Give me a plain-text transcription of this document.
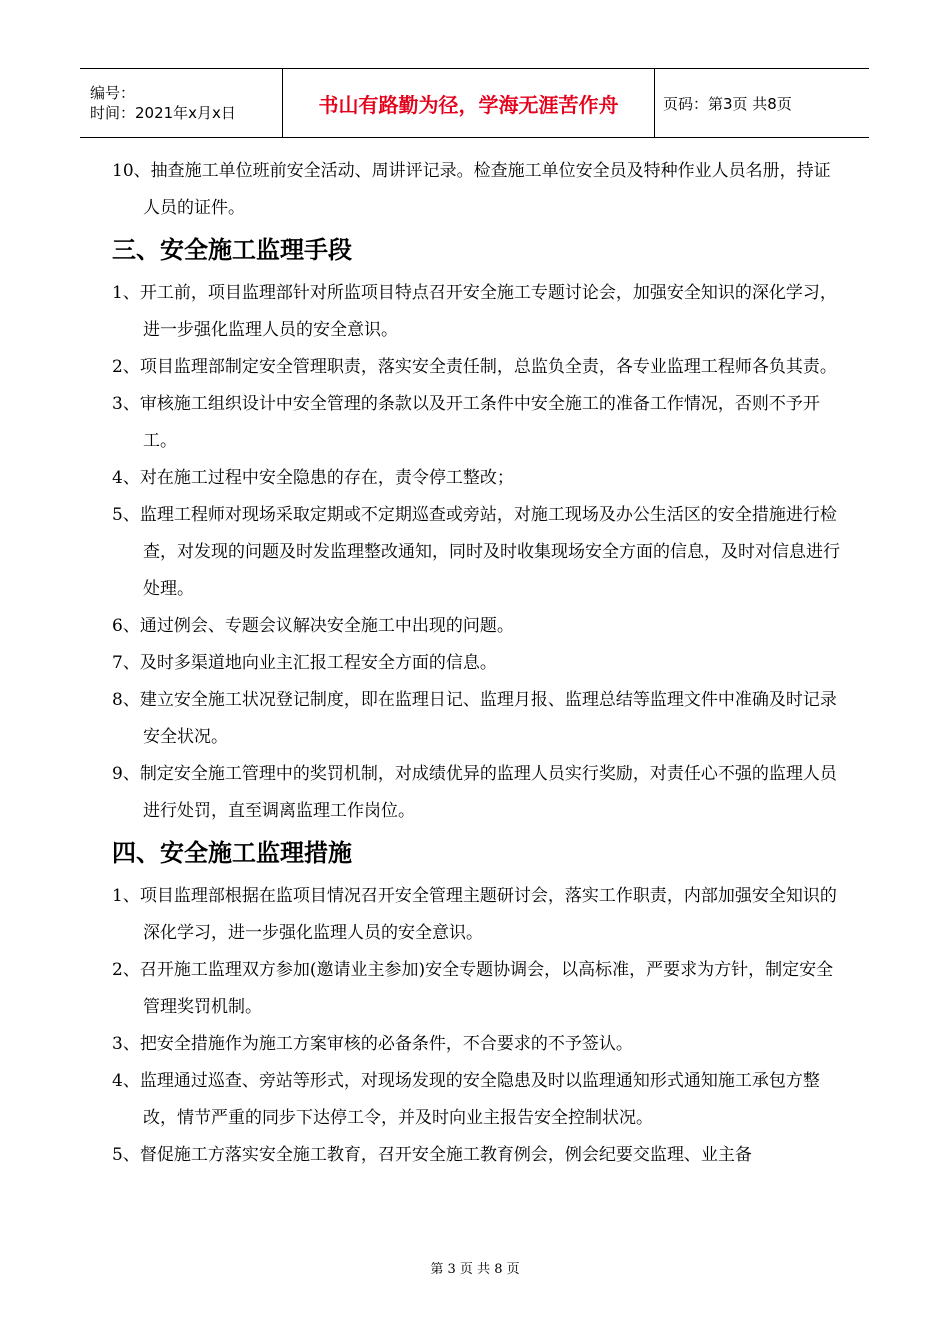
编号：
时间：2021年x月x日	书山有路勤为径，学海无涯苦作舟	页码：第3页 共8页
10、抽查施工单位班前安全活动、周讲评记录。检查施工单位安全员及特种作业人员名册，持证人员的证件。
三、安全施工监理手段
1、开工前，项目监理部针对所监项目特点召开安全施工专题讨论会，加强安全知识的深化学习，进一步强化监理人员的安全意识。
2、项目监理部制定安全管理职责，落实安全责任制，总监负全责，各专业监理工程师各负其责。
3、审核施工组织设计中安全管理的条款以及开工条件中安全施工的准备工作情况，否则不予开工。
4、对在施工过程中安全隐患的存在，责令停工整改；
5、监理工程师对现场采取定期或不定期巡查或旁站，对施工现场及办公生活区的安全措施进行检查，对发现的问题及时发监理整改通知，同时及时收集现场安全方面的信息，及时对信息进行处理。
6、通过例会、专题会议解决安全施工中出现的问题。
7、及时多渠道地向业主汇报工程安全方面的信息。
8、建立安全施工状况登记制度，即在监理日记、监理月报、监理总结等监理文件中准确及时记录安全状况。
9、制定安全施工管理中的奖罚机制，对成绩优异的监理人员实行奖励，对责任心不强的监理人员进行处罚，直至调离监理工作岗位。
四、安全施工监理措施
1、项目监理部根据在监项目情况召开安全管理主题研讨会，落实工作职责，内部加强安全知识的深化学习，进一步强化监理人员的安全意识。
2、召开施工监理双方参加(邀请业主参加)安全专题协调会，以高标准，严要求为方针，制定安全管理奖罚机制。
3、把安全措施作为施工方案审核的必备条件，不合要求的不予签认。
4、监理通过巡查、旁站等形式，对现场发现的安全隐患及时以监理通知形式通知施工承包方整改，情节严重的同步下达停工令，并及时向业主报告安全控制状况。
5、督促施工方落实安全施工教育，召开安全施工教育例会，例会纪要交监理、业主备
第 3 页 共 8 页
